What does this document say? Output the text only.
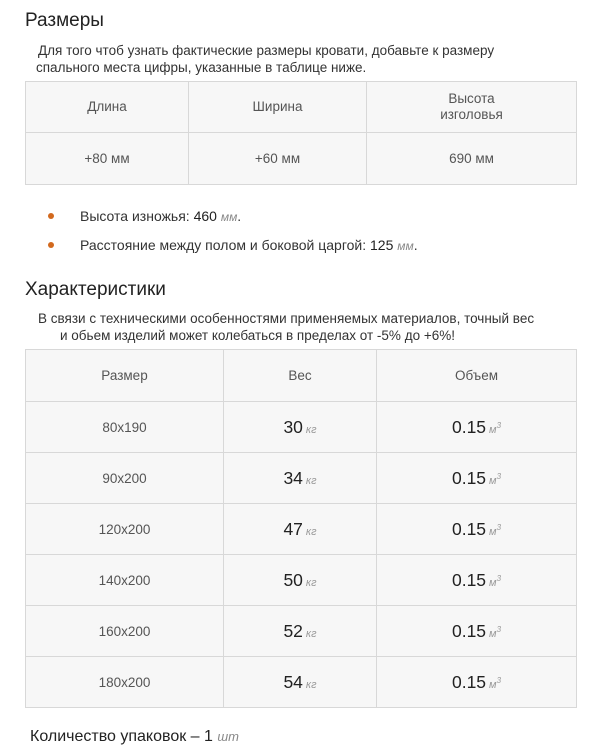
Размеры
Для того чтоб узнать фактические размеры кровати, добавьте к размеру
спального места цифры, указанные в таблице ниже.
Длина	Ширина	Высота
изголовья
+80 мм	+60 мм	690 мм
Высота изножья: 460 мм.
Расстояние между полом и боковой царгой: 125 мм.
Характеристики
В связи с техническими особенностями применяемых материалов, точный вес
и обьем изделий может колебаться в пределах от -5% до +6%!
Размер	Вес	Объем
80x190	30 кг	0.15 $м^3$
90x200	34 кг	0.15 $м^3$
120x200	47 кг	0.15 $м^3$
140x200	50 кг	0.15 $м^3$
160x200	52 кг	0.15 $м^3$
180x200	54 кг	0.15 $м^3$
Количество упаковок – 1 шт
